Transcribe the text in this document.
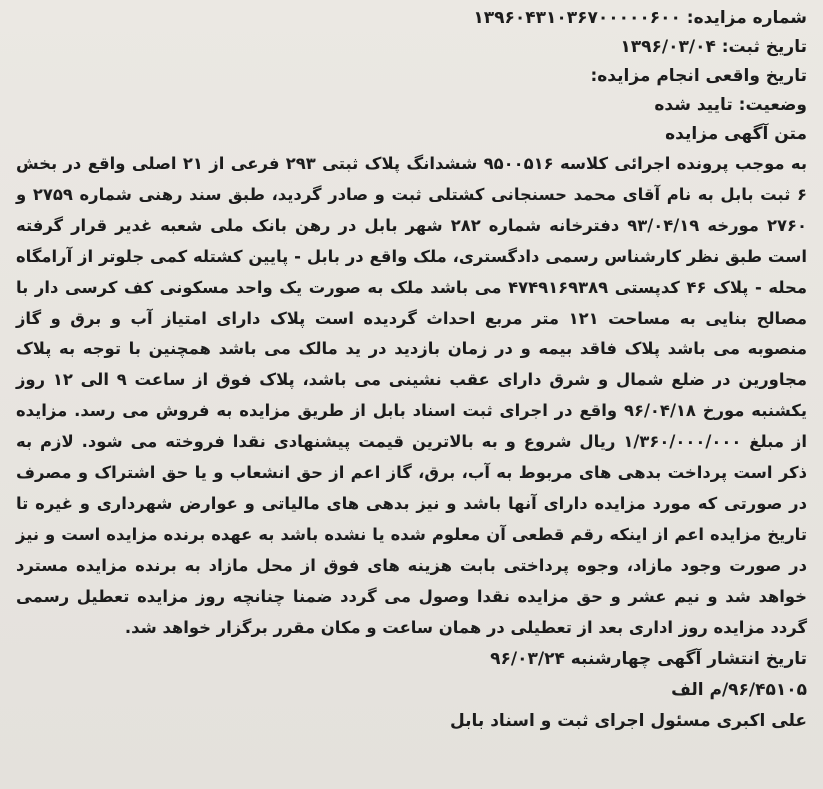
شماره مزایده: ۱۳۹۶۰۴۳۱۰۳۶۷۰۰۰۰۰۶۰۰
تاریخ ثبت: ۱۳۹۶/۰۳/۰۴
تاریخ واقعی انجام مزایده:
وضعیت: تایید شده
متن آگهی مزایده

به موجب پرونده اجرائی کلاسه ۹۵۰۰۵۱۶ ششدانگ پلاک ثبتی ۲۹۳ فرعی از ۲۱ اصلی واقع در بخش ۶ ثبت بابل به نام آقای محمد حسنجانی کشتلی ثبت و صادر گردید، طبق سند رهنی شماره ۲۷۵۹ و ۲۷۶۰ مورخه ۹۳/۰۴/۱۹ دفترخانه شماره ۲۸۲ شهر بابل در رهن بانک ملی شعبه غدیر قرار گرفته است طبق نظر کارشناس رسمی دادگستری، ملک واقع در بابل - پایین کشتله کمی جلوتر از آرامگاه محله - پلاک ۴۶ کدپستی ۴۷۴۹۱۶۹۳۸۹ می باشد ملک به صورت یک واحد مسکونی کف کرسی دار با مصالح بنایی به مساحت ۱۲۱ متر مربع احداث گردیده است پلاک دارای امتیاز آب و برق و گاز منصوبه می باشد پلاک فاقد بیمه و در زمان بازدید در ید مالک می باشد همچنین با توجه به پلاک مجاورین در ضلع شمال و شرق دارای عقب نشینی می باشد، پلاک فوق از ساعت ۹ الی ۱۲ روز یکشنبه مورخ ۹۶/۰۴/۱۸ واقع در اجرای ثبت اسناد بابل از طریق مزایده به فروش می رسد. مزایده از مبلغ ۱/۳۶۰/۰۰۰/۰۰۰ ریال شروع و به بالاترین قیمت پیشنهادی نقدا فروخته می شود. لازم به ذکر است پرداخت بدهی های مربوط به آب، برق، گاز اعم از حق انشعاب و یا حق اشتراک و مصرف در صورتی که مورد مزایده دارای آنها باشد و نیز بدهی های مالیاتی و عوارض شهرداری و غیره تا تاریخ مزایده اعم از اینکه رقم قطعی آن معلوم شده یا نشده باشد به عهده برنده مزایده است و نیز در صورت وجود مازاد، وجوه پرداختی بابت هزینه های فوق از محل مازاد به برنده مزایده مسترد خواهد شد و نیم عشر و حق مزایده نقدا وصول می گردد ضمنا چنانچه روز مزایده تعطیل رسمی گردد مزایده روز اداری بعد از تعطیلی در همان ساعت و مکان مقرر برگزار خواهد شد.

تاریخ انتشار آگهی چهارشنبه ۹۶/۰۳/۲۴
۹۶/۴۵۱۰۵/م الف
علی اکبری مسئول اجرای ثبت و اسناد بابل
